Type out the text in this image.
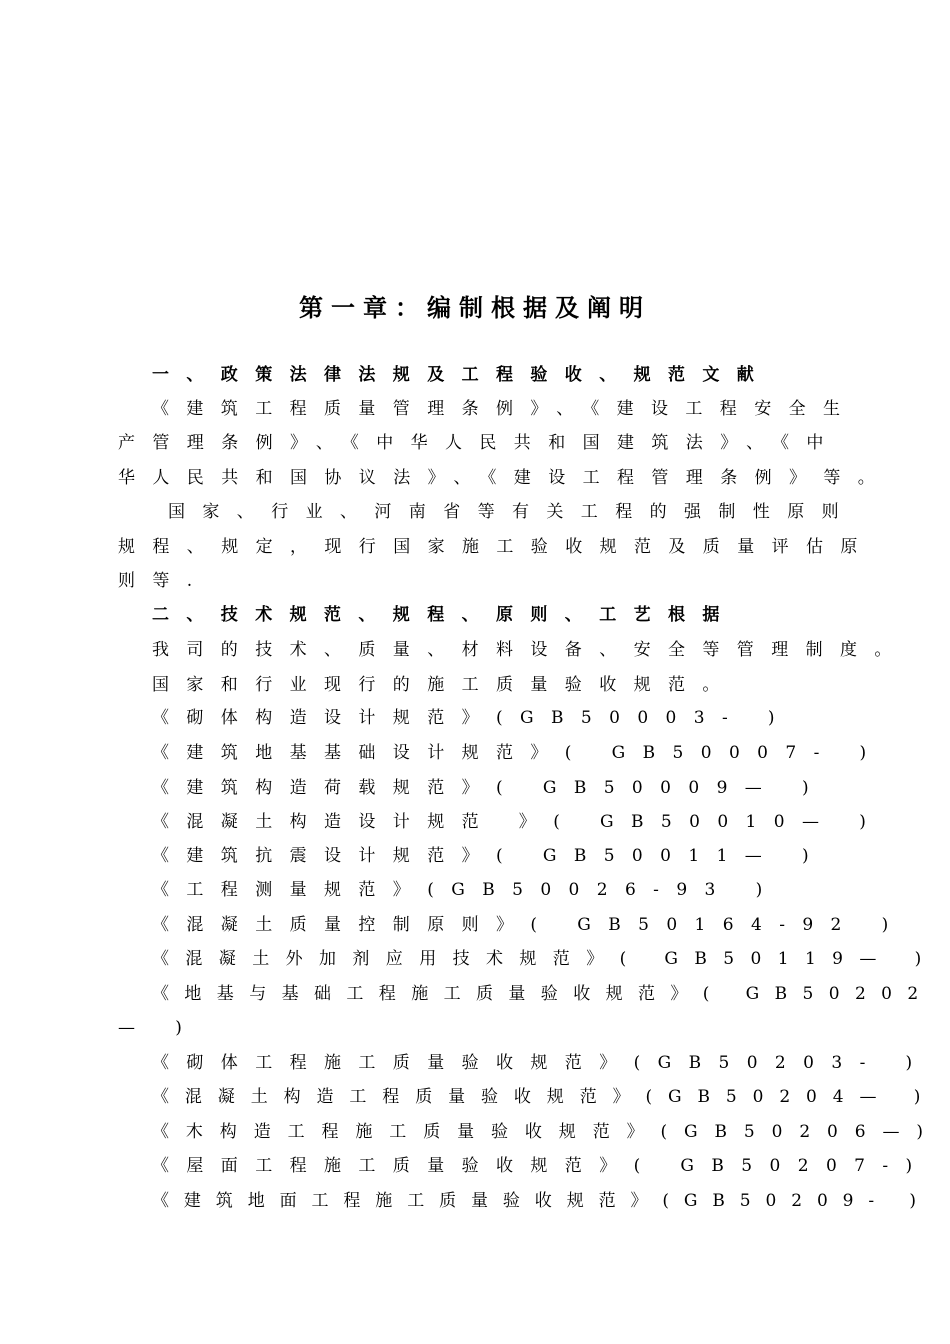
第一章：编制根据及阐明
一、政策法律法规及工程验收、规范文献
《建筑工程质量管理条例》、《建设工程安全生
产管理条例》、《中华人民共和国建筑法》、《中
华人民共和国协议法》、《建设工程管理条例》等。
国家、行业、河南省等有关工程的强制性原则
规程、规定，现行国家施工验收规范及质量评估原
则等.
二、技术规范、规程、原则、工艺根据
我司的技术、质量、材料设备、安全等管理制度。
国家和行业现行的施工质量验收规范。
《砌体构造设计规范》(GB50003- )
《建筑地基基础设计规范》( GB50007- )
《建筑构造荷载规范》( GB50009— )
《混凝土构造设计规范 》( GB50010— )
《建筑抗震设计规范》( GB50011— )
《工程测量规范》(GB50026-93 )
《混凝土质量控制原则》( GB50164-92 )
《混凝土外加剂应用技术规范》( GB50119— )
《地基与基础工程施工质量验收规范》( GB50202
— )
《砌体工程施工质量验收规范》(GB50203- )
《混凝土构造工程质量验收规范》(GB50204— )
《木构造工程施工质量验收规范》(GB50206—)
《屋面工程施工质量验收规范》( GB50207-)
《建筑地面工程施工质量验收规范》(GB50209- )
